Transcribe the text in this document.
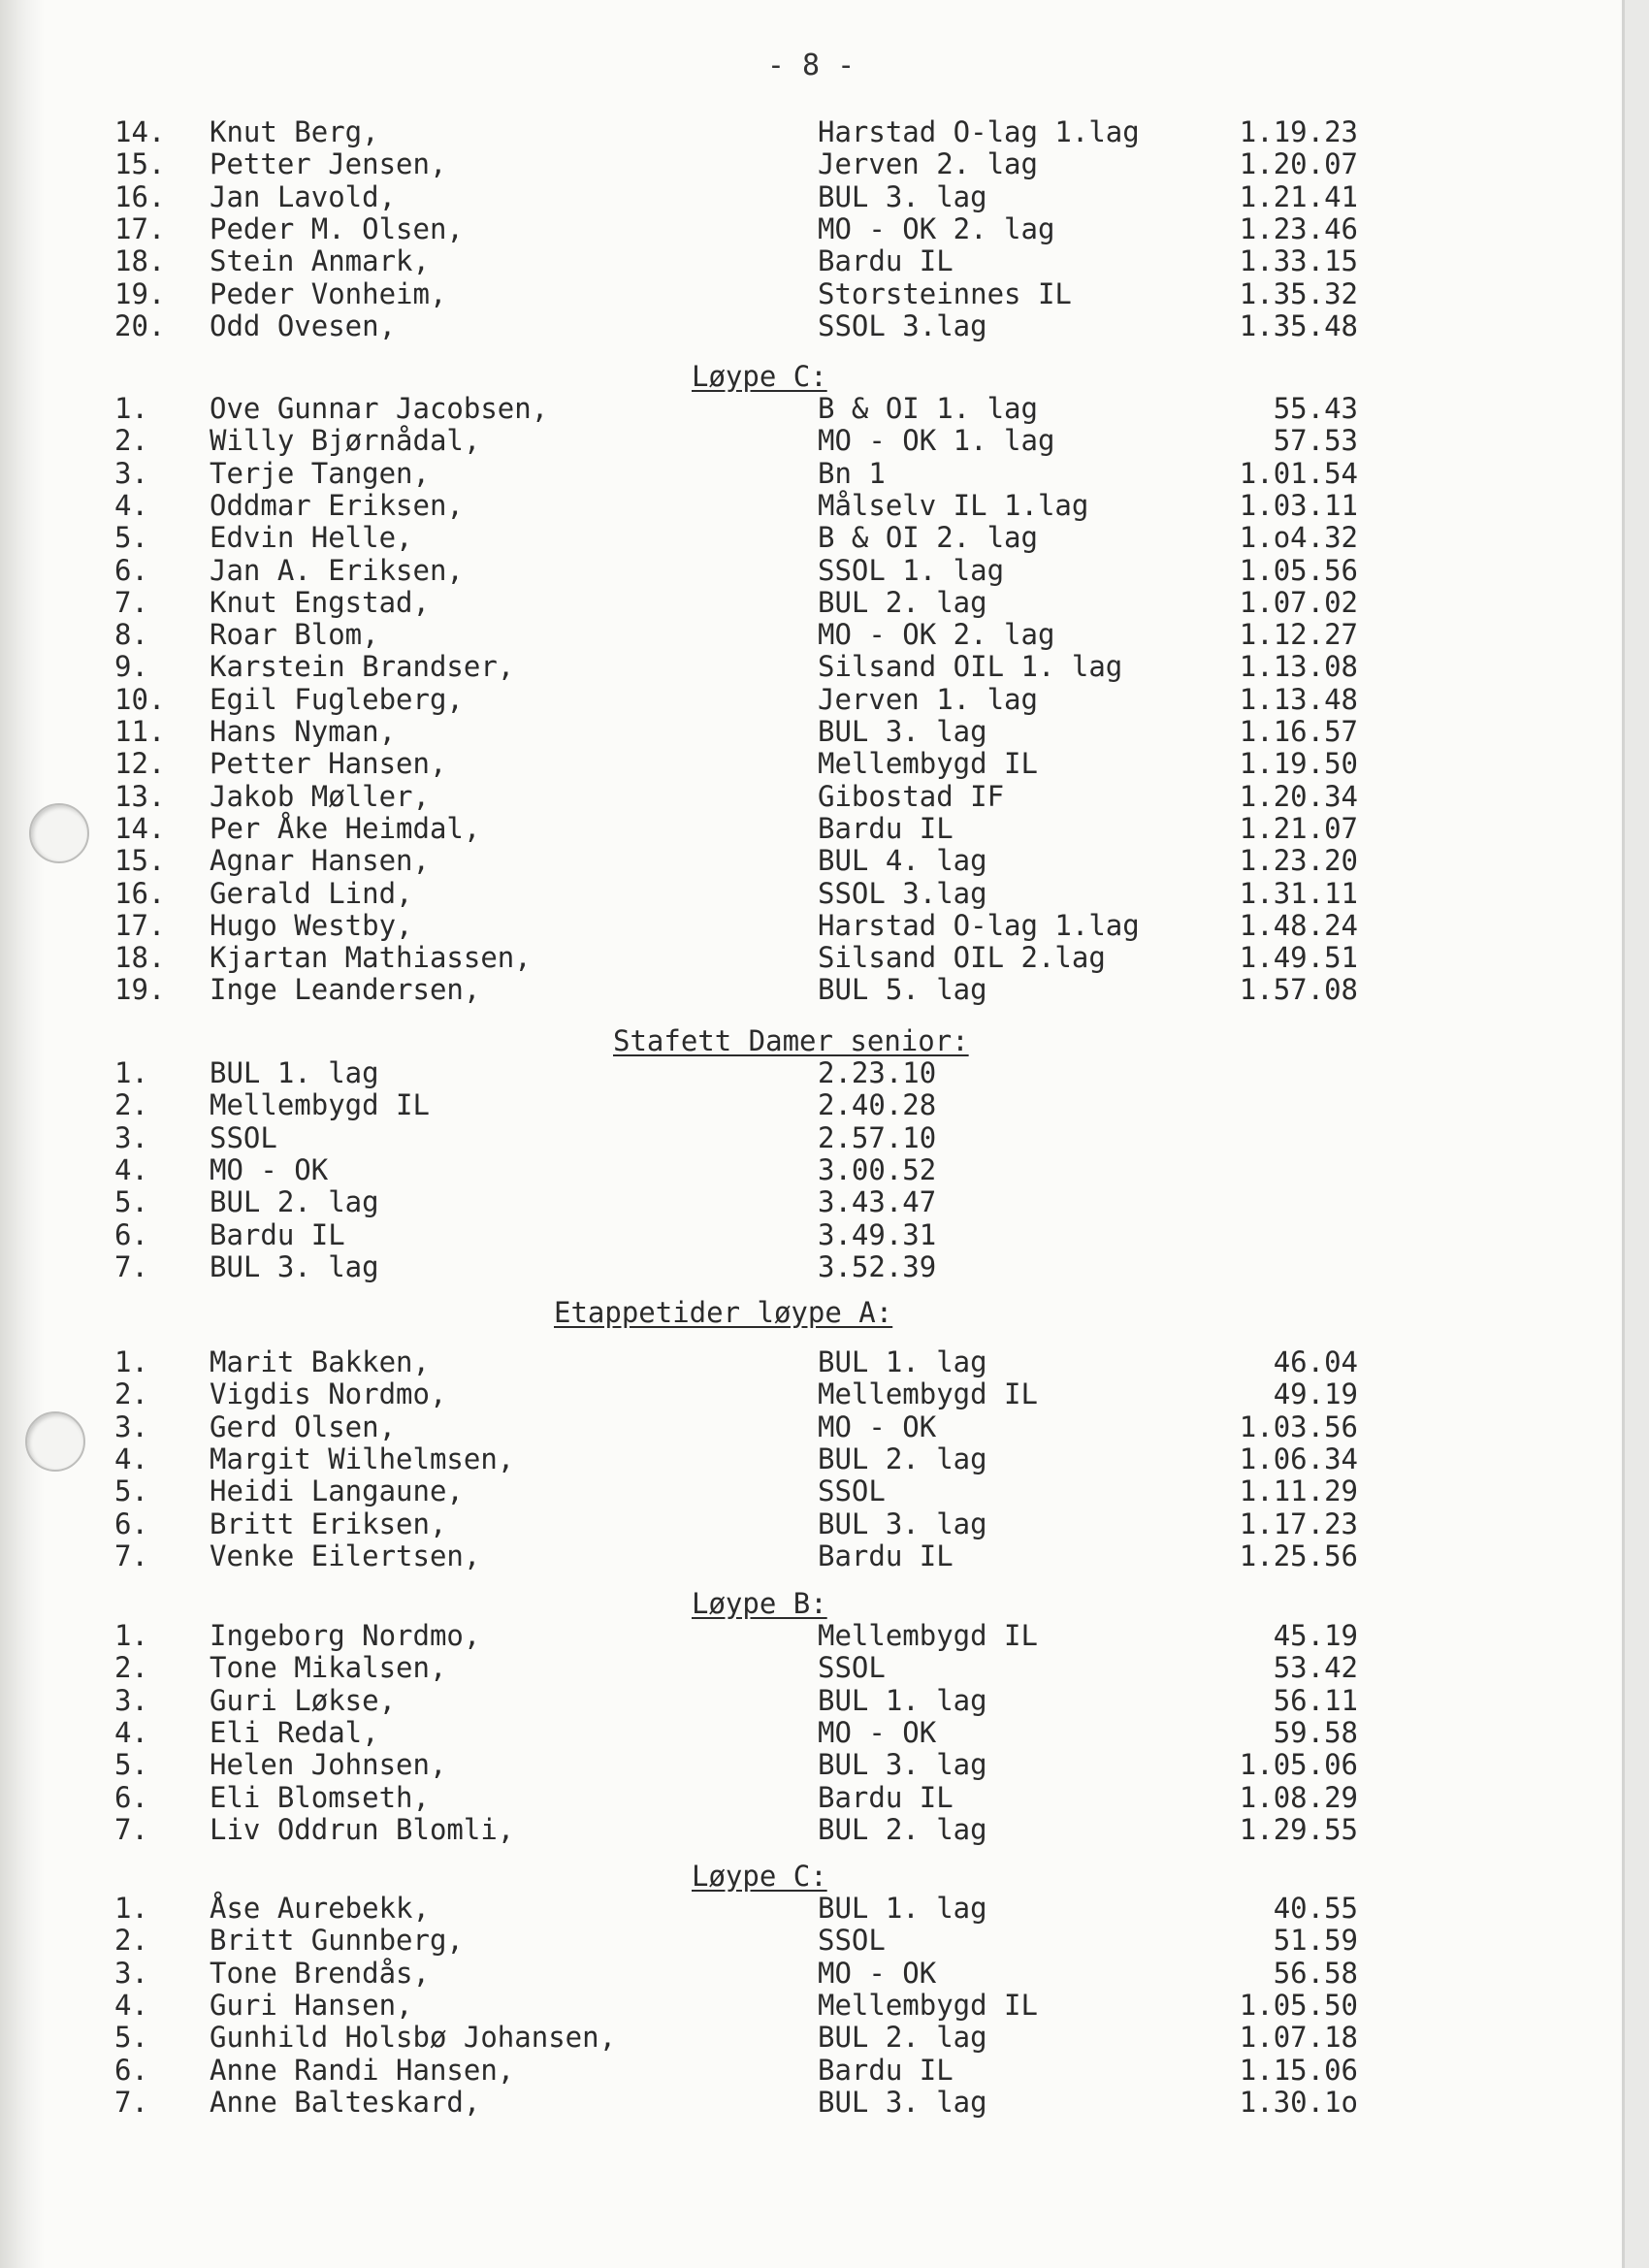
- 8 -
14. Knut Berg,	Harstad O-lag 1.lag	1.19.23
15. Petter Jensen,	Jerven 2. lag	1.20.07
16. Jan Lavold,	BUL 3. lag	1.21.41
17. Peder M. Olsen,	MO - OK 2. lag	1.23.46
18. Stein Anmark,	Bardu IL	1.33.15
19. Peder Vonheim,	Storsteinnes IL	1.35.32
20. Odd Ovesen,	SSOL 3.lag	1.35.48
Løype C:
1. Ove Gunnar Jacobsen,	B & OI 1. lag	55.43
2. Willy Bjørnådal,	MO - OK 1. lag	57.53
3. Terje Tangen,	Bn 1	1.01.54
4. Oddmar Eriksen,	Målselv IL 1.lag	1.03.11
5. Edvin Helle,	B & OI 2. lag	1.o4.32
6. Jan A. Eriksen,	SSOL 1. lag	1.05.56
7. Knut Engstad,	BUL 2. lag	1.07.02
8. Roar Blom,	MO - OK 2. lag	1.12.27
9. Karstein Brandser,	Silsand OIL 1. lag	1.13.08
10. Egil Fugleberg,	Jerven 1. lag	1.13.48
11. Hans Nyman,	BUL 3. lag	1.16.57
12. Petter Hansen,	Mellembygd IL	1.19.50
13. Jakob Møller,	Gibostad IF	1.20.34
14. Per Åke Heimdal,	Bardu IL	1.21.07
15. Agnar Hansen,	BUL 4. lag	1.23.20
16. Gerald Lind,	SSOL 3.lag	1.31.11
17. Hugo Westby,	Harstad O-lag 1.lag	1.48.24
18. Kjartan Mathiassen,	Silsand OIL 2.lag	1.49.51
19. Inge Leandersen,	BUL 5. lag	1.57.08
Stafett Damer senior:
1. BUL 1. lag	2.23.10
2. Mellembygd IL	2.40.28
3. SSOL	2.57.10
4. MO - OK	3.00.52
5. BUL 2. lag	3.43.47
6. Bardu IL	3.49.31
7. BUL 3. lag	3.52.39
Etappetider løype A:
1. Marit Bakken,	BUL 1. lag	46.04
2. Vigdis Nordmo,	Mellembygd IL	49.19
3. Gerd Olsen,	MO - OK	1.03.56
4. Margit Wilhelmsen,	BUL 2. lag	1.06.34
5. Heidi Langaune,	SSOL	1.11.29
6. Britt Eriksen,	BUL 3. lag	1.17.23
7. Venke Eilertsen,	Bardu IL	1.25.56
Løype B:
1. Ingeborg Nordmo,	Mellembygd IL	45.19
2. Tone Mikalsen,	SSOL	53.42
3. Guri Løkse,	BUL 1. lag	56.11
4. Eli Redal,	MO - OK	59.58
5. Helen Johnsen,	BUL 3. lag	1.05.06
6. Eli Blomseth,	Bardu IL	1.08.29
7. Liv Oddrun Blomli,	BUL 2. lag	1.29.55
Løype C:
1. Åse Aurebekk,	BUL 1. lag	40.55
2. Britt Gunnberg,	SSOL	51.59
3. Tone Brendås,	MO - OK	56.58
4. Guri Hansen,	Mellembygd IL	1.05.50
5. Gunhild Holsbø Johansen,	BUL 2. lag	1.07.18
6. Anne Randi Hansen,	Bardu IL	1.15.06
7. Anne Balteskard,	BUL 3. lag	1.30.1o
